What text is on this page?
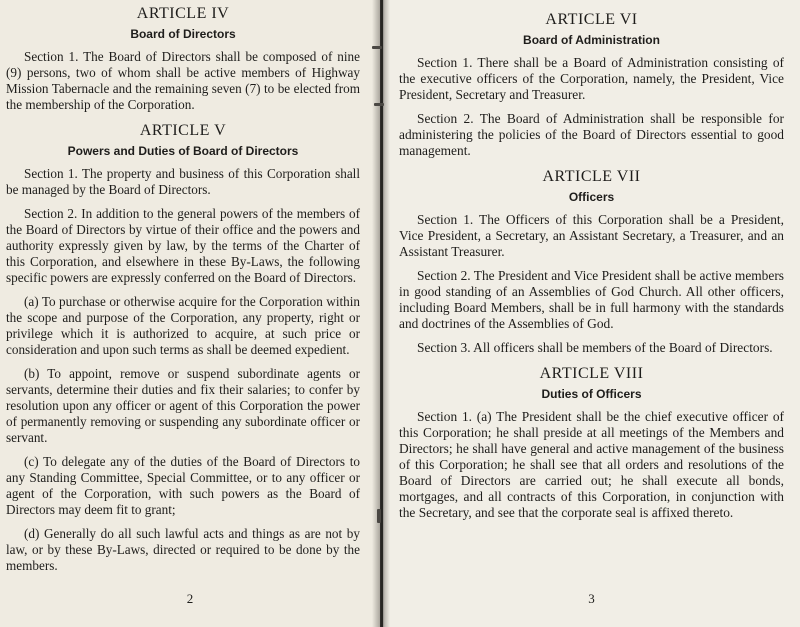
ARTICLE IV
Board of Directors

Section 1. The Board of Directors shall be composed of nine (9) persons, two of whom shall be active members of Highway Mission Tabernacle and the remaining seven (7) to be elected from the membership of the Corporation.

ARTICLE V
Powers and Duties of Board of Directors

Section 1. The property and business of this Corporation shall be managed by the Board of Directors.

Section 2. In addition to the general powers of the members of the Board of Directors by virtue of their office and the powers and authority expressly given by law, by the terms of the Charter of this Corporation, and elsewhere in these By-Laws, the following specific powers are expressly conferred on the Board of Directors.

(a) To purchase or otherwise acquire for the Corporation within the scope and purpose of the Corporation, any property, right or privilege which it is authorized to acquire, at such price or consideration and upon such terms as shall be deemed expedient.

(b) To appoint, remove or suspend subordinate agents or servants, determine their duties and fix their salaries; to confer by resolution upon any officer or agent of this Corporation the power of permanently removing or suspending any subordinate officer or servant.

(c) To delegate any of the duties of the Board of Directors to any Standing Committee, Special Committee, or to any officer or agent of the Corporation, with such powers as the Board of Directors may deem fit to grant;

(d) Generally do all such lawful acts and things as are not by law, or by these By-Laws, directed or required to be done by the members.

2
ARTICLE VI
Board of Administration

Section 1. There shall be a Board of Administration consisting of the executive officers of the Corporation, namely, the President, Vice President, Secretary and Treasurer.

Section 2. The Board of Administration shall be responsible for administering the policies of the Board of Directors essential to good management.

ARTICLE VII
Officers

Section 1. The Officers of this Corporation shall be a President, Vice President, a Secretary, an Assistant Secretary, a Treasurer, and an Assistant Treasurer.

Section 2. The President and Vice President shall be active members in good standing of an Assemblies of God Church. All other officers, including Board Members, shall be in full harmony with the standards and doctrines of the Assemblies of God.

Section 3. All officers shall be members of the Board of Directors.

ARTICLE VIII
Duties of Officers

Section 1. (a) The President shall be the chief executive officer of this Corporation; he shall preside at all meetings of the Members and Directors; he shall have general and active management of the business of this Corporation; he shall see that all orders and resolutions of the Board of Directors are carried out; he shall execute all bonds, mortgages, and all contracts of this Corporation, in conjunction with the Secretary, and see that the corporate seal is affixed thereto.

3
